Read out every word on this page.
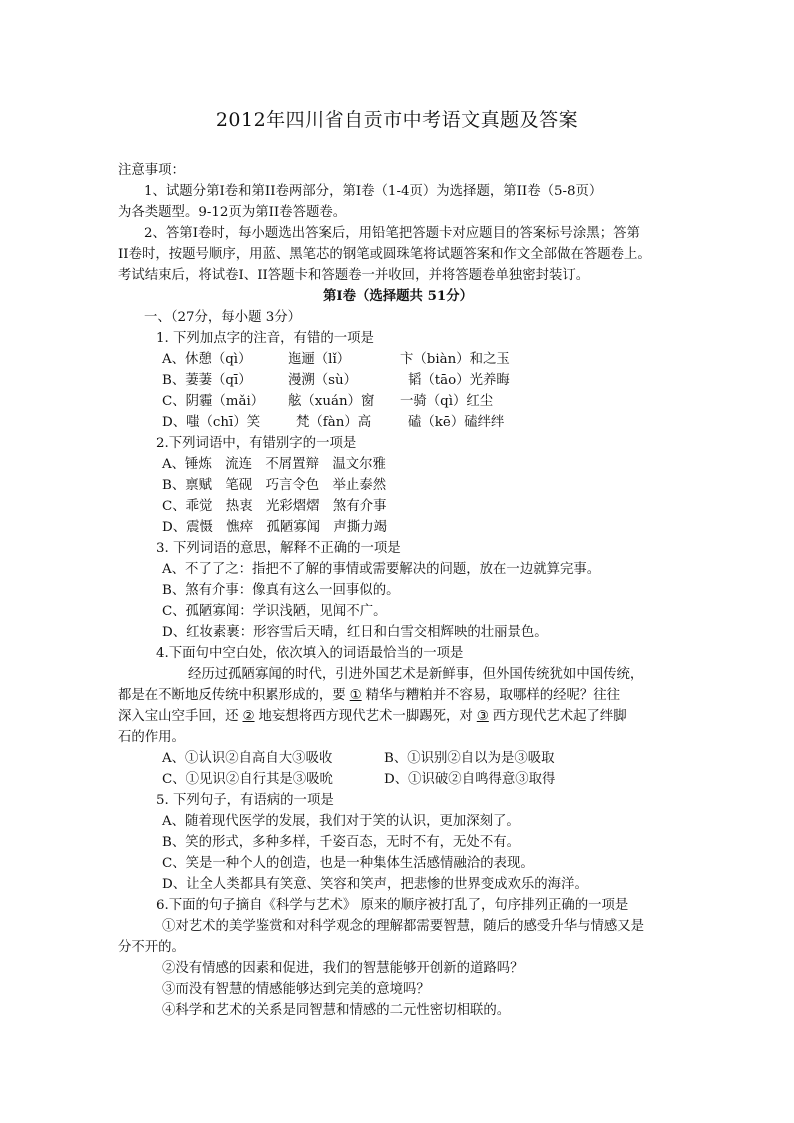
2012年四川省自贡市中考语文真题及答案
注意事项：
1、试题分第Ⅰ卷和第II卷两部分，第Ⅰ卷（1-4页）为选择题，第II卷（5-8页）
为各类题型。9-12页为第II卷答题卷。
2、答第Ⅰ卷时，每小题选出答案后，用铅笔把答题卡对应题目的答案标号涂黑；答第
II卷时，按题号顺序，用蓝、黑笔芯的钢笔或圆珠笔将试题答案和作文全部做在答题卷上。
考试结束后，将试卷Ⅰ、II答题卡和答题卷一并收回，并将答题卷单独密封装订。
第Ⅰ卷（选择题共 51分）
一、（27分，每小题 3分）
1. 下列加点字的注音，有错的一项是
A、休憩（qì）	迤逦（lǐ）	卞（biàn）和之玉
B、萋萋（qī）	漫溯（sù）	韬（tāo）光养晦
C、阴霾（mǎi）	舷（xuán）窗	一骑（qì）红尘
D、嗤（chī）笑	梵（fàn）高	磕（kē）磕绊绊
2.下列词语中，有错别字的一项是
A、锤炼　流连　不屑置辩　温文尔雅
B、禀赋　笔砚　巧言令色　举止泰然
C、乖觉　热衷　光彩熠熠　煞有介事
D、震慑　憔瘁　孤陋寡闻　声撕力竭
3. 下列词语的意思，解释不正确的一项是
A、不了了之：指把不了解的事情或需要解决的问题，放在一边就算完事。
B、煞有介事：像真有这么一回事似的。
C、孤陋寡闻：学识浅陋，见闻不广。
D、红妆素裹：形容雪后天晴，红日和白雪交相辉映的壮丽景色。
4.下面句中空白处，依次填入的词语最恰当的一项是
经历过孤陋寡闻的时代，引进外国艺术是新鲜事，但外国传统犹如中国传统，
都是在不断地反传统中积累形成的，要 ① 精华与糟粕并不容易，取哪样的经呢？往往
深入宝山空手回，还 ② 地妄想将西方现代艺术一脚踢死，对 ③ 西方现代艺术起了绊脚
石的作用。
A、①认识②自高自大③吸收	B、①识别②自以为是③吸取
C、①见识②自行其是③吸吮	D、①识破②自鸣得意③取得
5. 下列句子，有语病的一项是
A、随着现代医学的发展，我们对于笑的认识，更加深刻了。
B、笑的形式，多种多样，千姿百态，无时不有，无处不有。
C、笑是一种个人的创造，也是一种集体生活感情融洽的表现。
D、让全人类都具有笑意、笑容和笑声，把悲惨的世界变成欢乐的海洋。
6.下面的句子摘自《科学与艺术》 原来的顺序被打乱了，句序排列正确的一项是
①对艺术的美学鉴赏和对科学观念的理解都需要智慧，随后的感受升华与情感又是
分不开的。
②没有情感的因素和促进，我们的智慧能够开创新的道路吗？
③而没有智慧的情感能够达到完美的意境吗？
④科学和艺术的关系是同智慧和情感的二元性密切相联的。
